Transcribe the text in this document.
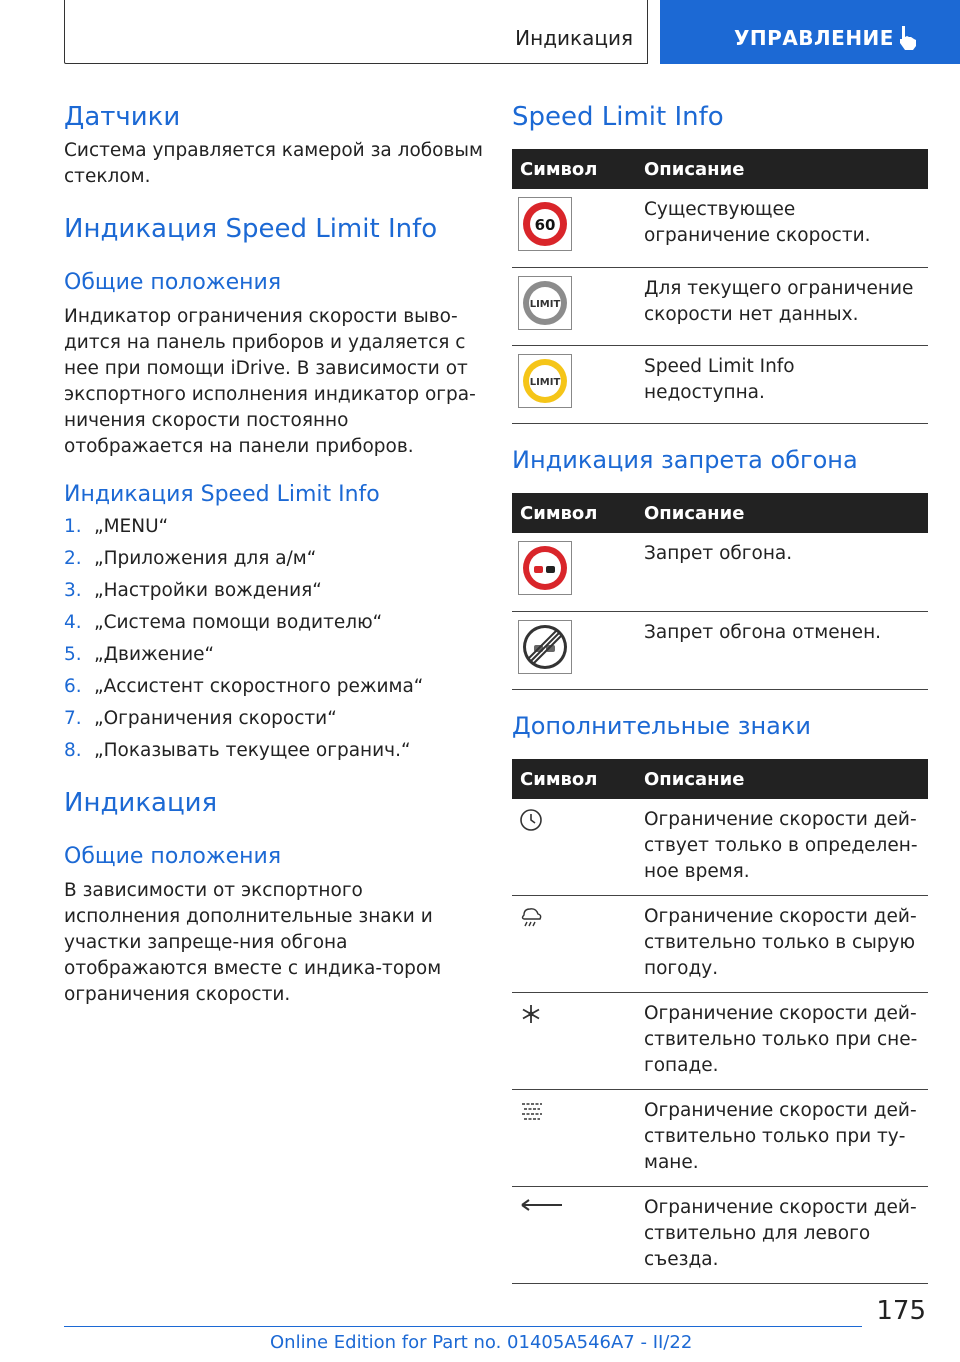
Индикация	УПРАВЛЕНИЕ
Датчики

Система управляется камерой за лобовым стеклом.

Индикация Speed Limit Info
Общие положения

Индикатор ограничения скорости выво-дится на панель приборов и удаляется с нее при помощи iDrive. В зависимости от экспортного исполнения индикатор огра-ничения скорости постоянно отображается на панели приборов.

Индикация Speed Limit Info
1. „MENU“
2. „Приложения для а/м“
3. „Настройки вождения“
4. „Система помощи водителю“
5. „Движение“
6. „Ассистент скоростного режима“
7. „Ограничения скорости“
8. „Показывать текущее огранич.“
Индикация
Общие положения

В зависимости от экспортного исполнения дополнительные знаки и участки запреще-ния обгона отображаются вместе с индика-тором ограничения скорости.

Speed Limit Info
Символ	Описание

60	Существующее ограничение скорости.

LIMIT	Для текущего ограничение скорости нет данных.

LIMIT	Speed Limit Info недоступна.
Индикация запрета обгона
Символ	Описание

	Запрет обгона.

	Запрет обгона отменен.
Дополнительные знаки
Символ	Описание
	Ограничение скорости дей-ствует только в определен-ное время.
	Ограничение скорости дей-ствительно только в сырую погоду.
	Ограничение скорости дей-ствительно только при сне-гопаде.
	Ограничение скорости дей-ствительно только при ту-мане.
	Ограничение скорости дей-ствительно для левого съезда.
175
Online Edition for Part no. 01405A546A7 - II/22
